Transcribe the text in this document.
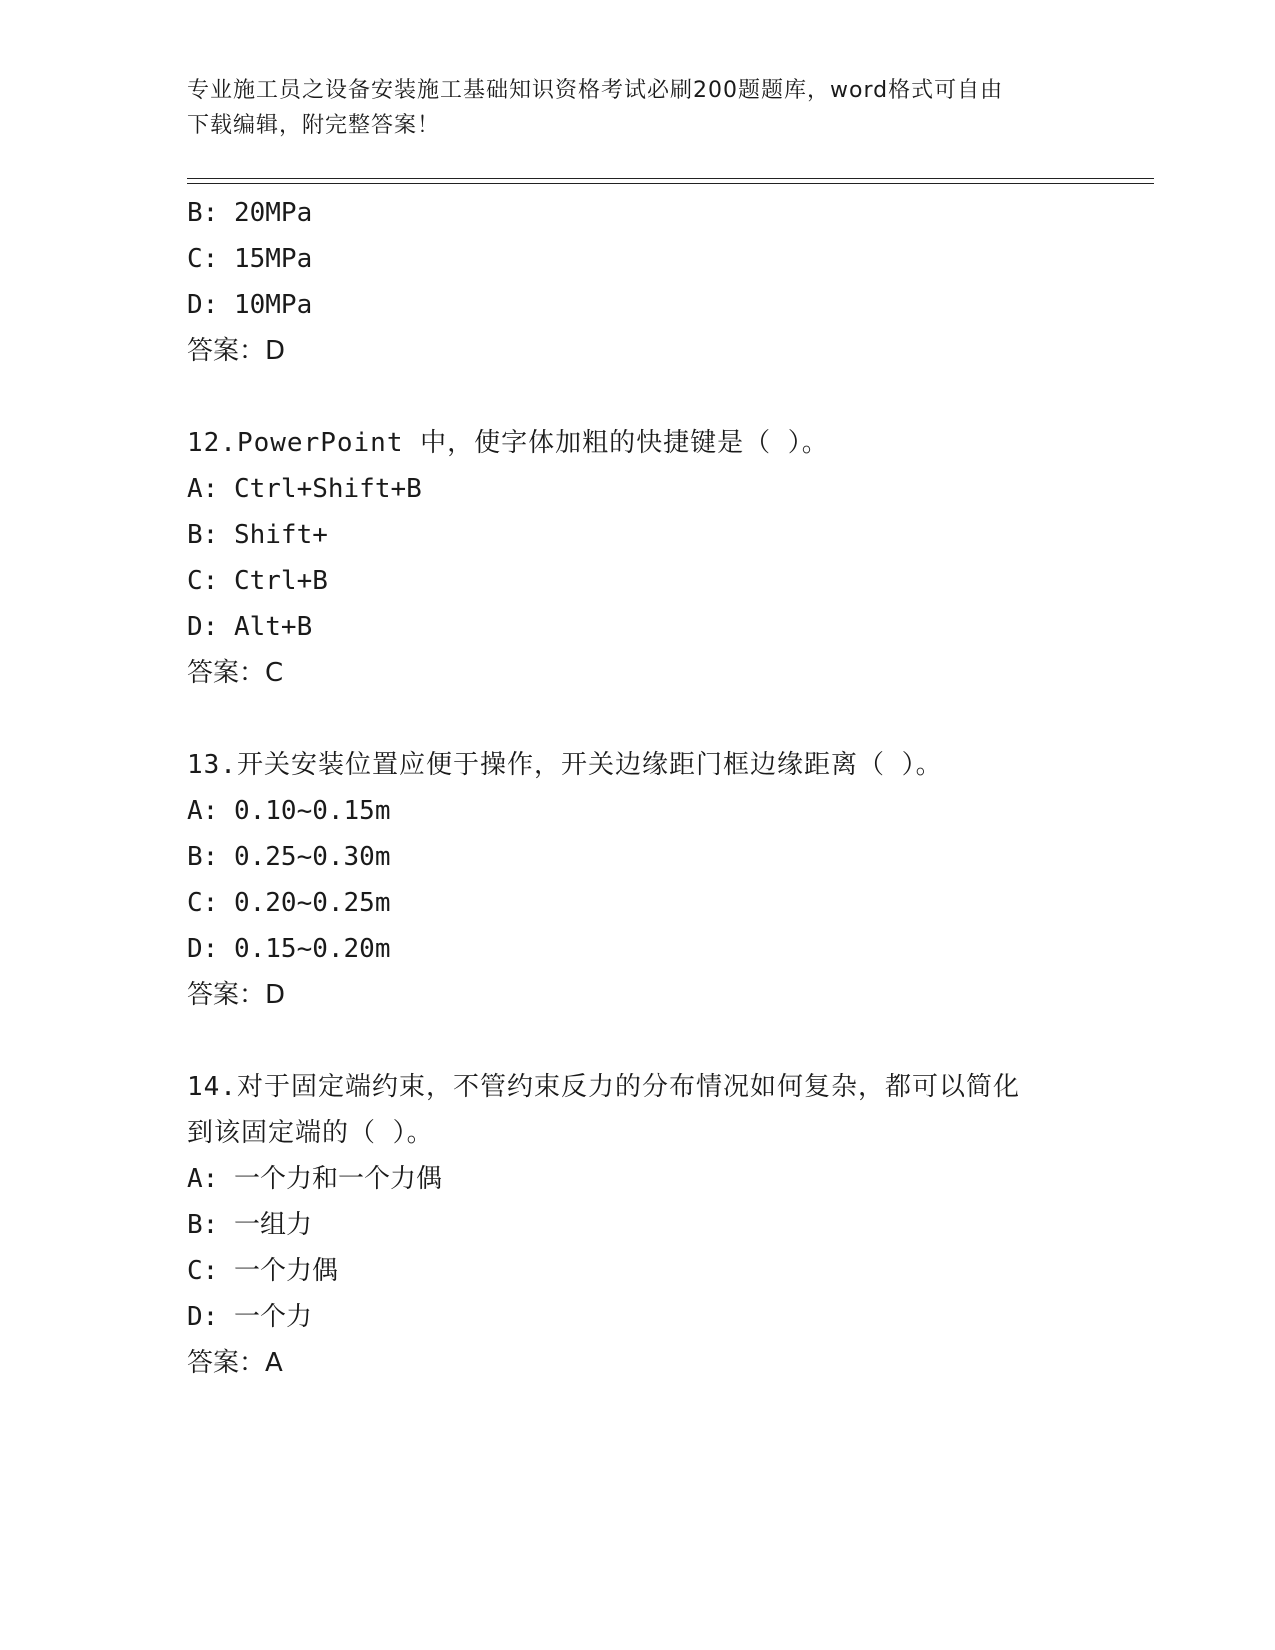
专业施工员之设备安装施工基础知识资格考试必刷200题题库，word格式可自由
下载编辑，附完整答案！
B: 20MPa
C: 15MPa
D: 10MPa
答案：D
12.PowerPoint 中，使字体加粗的快捷键是（ ）。
A: Ctrl+Shift+B
B: Shift+
C: Ctrl+B
D: Alt+B
答案：C
13.开关安装位置应便于操作，开关边缘距门框边缘距离（ ）。
A: 0.10~0.15m
B: 0.25~0.30m
C: 0.20~0.25m
D: 0.15~0.20m
答案：D
14.对于固定端约束，不管约束反力的分布情况如何复杂，都可以简化
到该固定端的（ ）。
A: 一个力和一个力偶
B: 一组力
C: 一个力偶
D: 一个力
答案：A
